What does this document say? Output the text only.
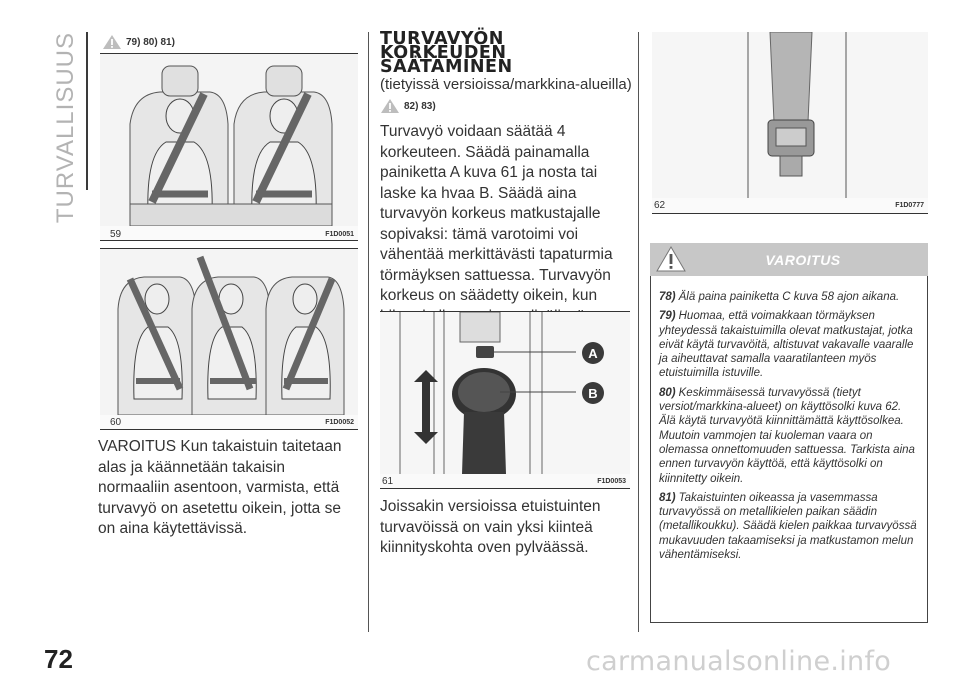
TURVALLISUUS	79) 80) 81)
59	F1D0051
60	F1D0052
VAROITUS Kun takaistuin taitetaan alas ja käännetään takaisin normaaliin asentoon, varmista, että turvavyö on asetettu oikein, jotta se on aina käytettävissä.
TURVAVYÖN KORKEUDEN SÄÄTÄMINEN
(tietyissä versioissa/markkina-alueilla)
82) 83)
Turvavyö voidaan säätää 4 korkeuteen. Säädä painamalla painiketta A kuva 61 ja nosta tai laske ka hvaa B. Säädä aina turvavyön korkeus matkustajalle sopivaksi: tämä varotoimi voi vähentää merkittävästi tapaturmia törmäyksen sattuessa. Turvavyön korkeus on säädetty oikein, kun
A
B
61	F1D0053
Joissakin versioissa etuistuinten turvavöissä on vain yksi kiinteä kiinnityskohta oven pylväässä.
62	F1D0777
VAROITUS
78) Älä paina painiketta C kuva 58 ajon aikana.
79) Huomaa, että voimakkaan törmäyksen yhteydessä takaistuimilla olevat matkustajat, jotka eivät käytä turvavöitä, altistuvat vakavalle vaaralle ja aiheuttavat samalla vaaratilanteen myös etuistuimilla istuville.
80) Keskimmäisessä turvavyössä (tietyt versiot/markkina-alueet) on käyttösolki kuva 62. Älä käytä turvavyötä kiinnittämättä käyttösolkea. Muutoin vammojen tai kuoleman vaara on olemassa onnettomuuden sattuessa. Tarkista aina ennen turvavyön käyttöä, että käyttösolki on kiinnitetty oikein.
81) Takaistuinten oikeassa ja vasemmassa turvavyössä on metallikielen paikan säädin (metallikoukku). Säädä kielen paikkaa turvavyössä mukavuuden takaamiseksi ja matkustamon melun vähentämiseksi.
72	carmanualsonline.info
